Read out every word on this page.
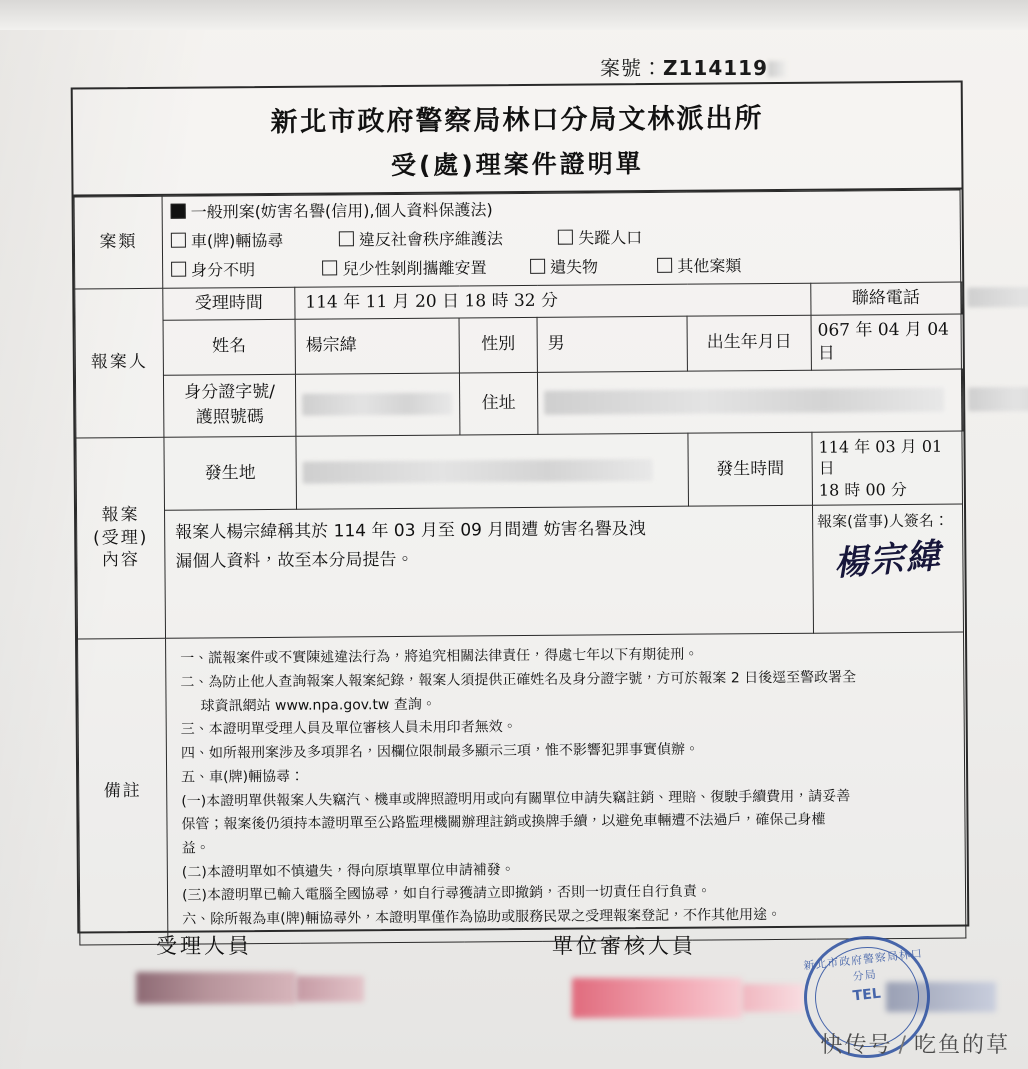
案號：Z114119
新北市政府警察局林口分局文林派出所
受(處)理案件證明單
案類	一般刑案(妨害名譽(信用),個人資料保護法)
車(牌)輛協尋 違反社會秩序維護法 失蹤人口
身分不明 兒少性剝削攜離安置 遺失物 其他案類						

報案人	受理時間	114 年 11 月 20 日 18 時 32 分				聯絡電話	
	姓名	楊宗緯	性別	男	出生年月日	067 年 04 月 04 日	
	身分證字號/
護照號碼		住址				
報案
(受理)
內容	發生地				發生時間	114 年 03 月 01 日
18 時 00 分	

報案人楊宗緯稱其於 114 年 03 月至 09 月間遭 妨害名譽及洩
漏個人資料，故至本分局提告。

報案(當事)人簽名：
楊宗緯

備註	

一、謊報案件或不實陳述違法行為，將追究相關法律責任，得處七年以下有期徒刑。

二、為防止他人查詢報案人報案紀錄，報案人須提供正確姓名及身分證字號，方可於報案 2 日後逕至警政署全

球資訊網站 www.npa.gov.tw 查詢。

三、本證明單受理人員及單位審核人員未用印者無效。

四、如所報刑案涉及多項罪名，因欄位限制最多顯示三項，惟不影響犯罪事實偵辦。

五、車(牌)輛協尋：

(一)本證明單供報案人失竊汽、機車或牌照證明用或向有關單位申請失竊註銷、理賠、復駛手續費用，請妥善

保管；報案後仍須持本證明單至公路監理機關辦理註銷或換牌手續，以避免車輛遭不法過戶，確保己身權

益。

(二)本證明單如不慎遺失，得向原填單單位申請補發。

(三)本證明單已輸入電腦全國協尋，如自行尋獲請立即撤銷，否則一切責任自行負責。

六、除所報為車(牌)輛協尋外，本證明單僅作為協助或服務民眾之受理報案登記，不作其他用途。

受理人員	單位審核人員
新北市政府警察局林口分局
TEL
快传号 / 吃鱼的草
